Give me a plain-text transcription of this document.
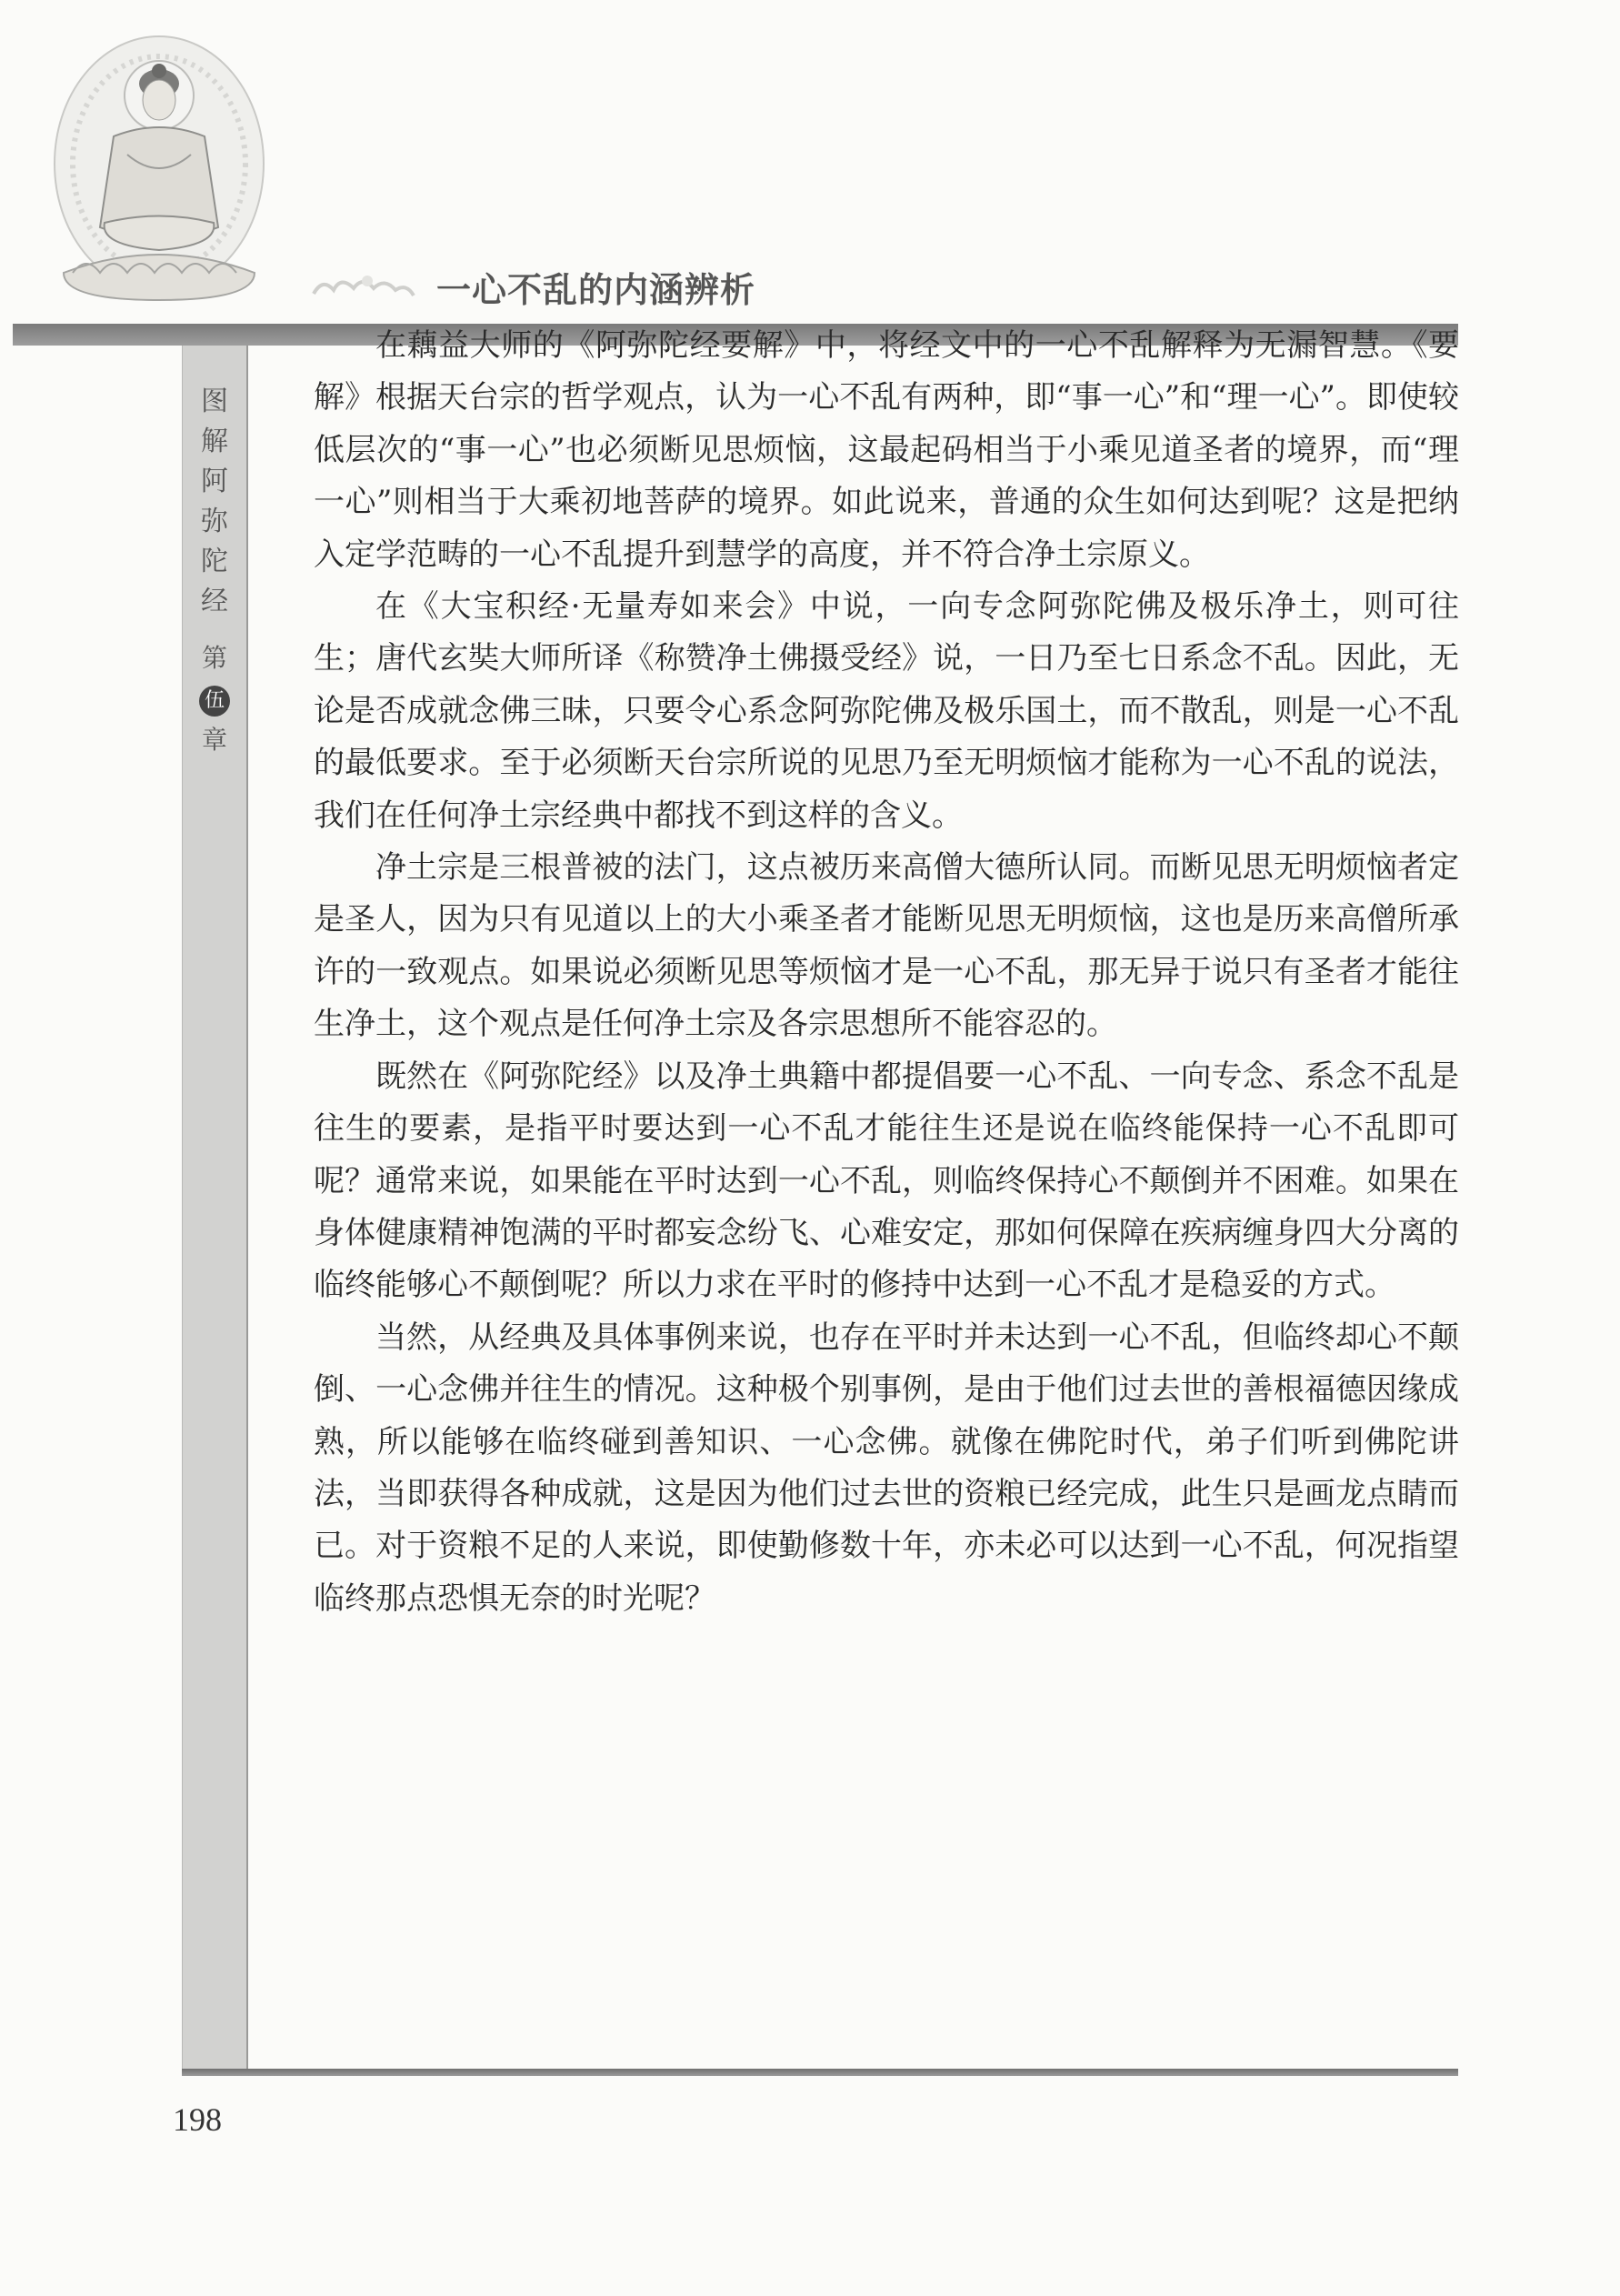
图
解
阿
弥
陀
经
第
伍
章
一心不乱的内涵辨析

在藕益大师的《阿弥陀经要解》中，将经文中的一心不乱解释为无漏智慧。《要解》根据天台宗的哲学观点，认为一心不乱有两种，即“事一心”和“理一心”。即使较低层次的“事一心”也必须断见思烦恼，这最起码相当于小乘见道圣者的境界，而“理一心”则相当于大乘初地菩萨的境界。如此说来，普通的众生如何达到呢？这是把纳入定学范畴的一心不乱提升到慧学的高度，并不符合净土宗原义。

在《大宝积经·无量寿如来会》中说，一向专念阿弥陀佛及极乐净土，则可往生；唐代玄奘大师所译《称赞净土佛摄受经》说，一日乃至七日系念不乱。因此，无论是否成就念佛三昧，只要令心系念阿弥陀佛及极乐国土，而不散乱，则是一心不乱的最低要求。至于必须断天台宗所说的见思乃至无明烦恼才能称为一心不乱的说法，我们在任何净土宗经典中都找不到这样的含义。

净土宗是三根普被的法门，这点被历来高僧大德所认同。而断见思无明烦恼者定是圣人，因为只有见道以上的大小乘圣者才能断见思无明烦恼，这也是历来高僧所承许的一致观点。如果说必须断见思等烦恼才是一心不乱，那无异于说只有圣者才能往生净土，这个观点是任何净土宗及各宗思想所不能容忍的。

既然在《阿弥陀经》以及净土典籍中都提倡要一心不乱、一向专念、系念不乱是往生的要素，是指平时要达到一心不乱才能往生还是说在临终能保持一心不乱即可呢？通常来说，如果能在平时达到一心不乱，则临终保持心不颠倒并不困难。如果在身体健康精神饱满的平时都妄念纷飞、心难安定，那如何保障在疾病缠身四大分离的临终能够心不颠倒呢？所以力求在平时的修持中达到一心不乱才是稳妥的方式。

当然，从经典及具体事例来说，也存在平时并未达到一心不乱，但临终却心不颠倒、一心念佛并往生的情况。这种极个别事例，是由于他们过去世的善根福德因缘成熟，所以能够在临终碰到善知识、一心念佛。就像在佛陀时代，弟子们听到佛陀讲法，当即获得各种成就，这是因为他们过去世的资粮已经完成，此生只是画龙点睛而已。对于资粮不足的人来说，即使勤修数十年，亦未必可以达到一心不乱，何况指望临终那点恐惧无奈的时光呢？

198
